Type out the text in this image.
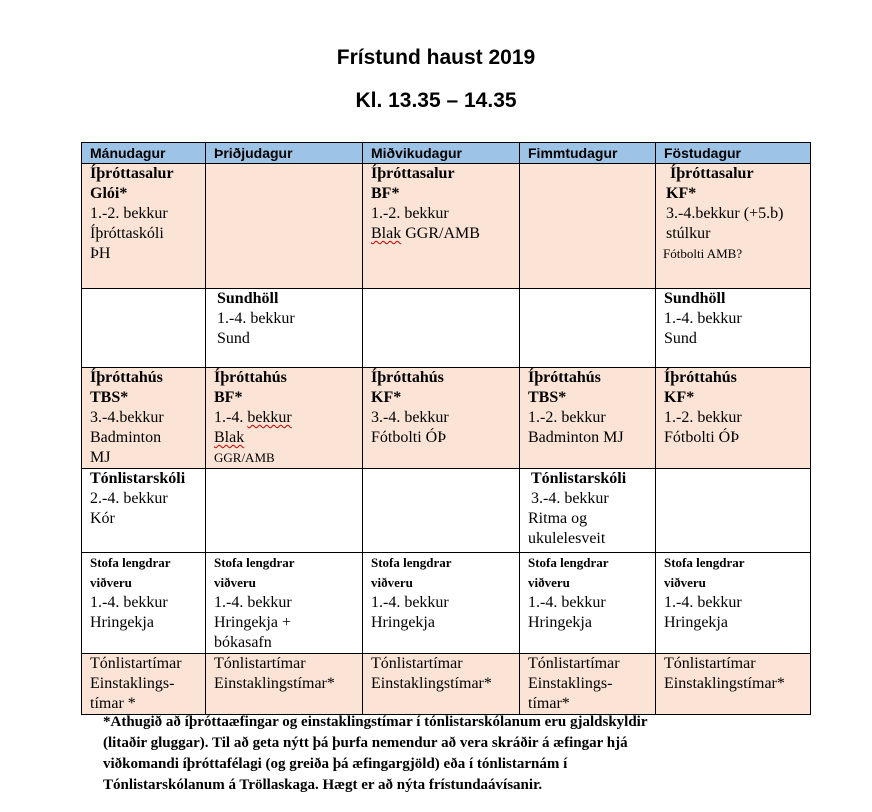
Frístund haust 2019
Kl. 13.35 – 14.35
Mánudagur	Þriðjudagur	Miðvikudagur	Fimmtudagur	Föstudagur

Íþróttasalur
Glói*
1.-2. bekkur
Íþróttaskóli
ÞH		Íþróttasalur
BF*
1.-2. bekkur
Blak GGR/AMB		Íþróttasalur
KF*
3.-4.bekkur (+5.b)
stúlkur
Fótbolti AMB?

	Sundhöll
1.-4. bekkur
Sund			Sundhöll
1.-4. bekkur
Sund

Íþróttahús
TBS*
3.-4.bekkur
Badminton
MJ	Íþróttahús
BF*
1.-4. bekkur
Blak
GGR/AMB	Íþróttahús
KF*
3.-4. bekkur
Fótbolti ÓÞ	Íþróttahús
TBS*
1.-2. bekkur
Badminton MJ	Íþróttahús
KF*
1.-2. bekkur
Fótbolti ÓÞ

Tónlistarskóli
2.-4. bekkur
Kór			Tónlistarskóli
3.-4. bekkur
Ritma og
ukulelesveit	

Stofa lengdrar
viðveru
1.-4. bekkur
Hringekja	Stofa lengdrar
viðveru
1.-4. bekkur
Hringekja +
bókasafn	Stofa lengdrar
viðveru
1.-4. bekkur
Hringekja	Stofa lengdrar
viðveru
1.-4. bekkur
Hringekja	Stofa lengdrar
viðveru
1.-4. bekkur
Hringekja

Tónlistartímar
Einstaklings-
tímar *	Tónlistartímar
Einstaklingstímar*	Tónlistartímar
Einstaklingstímar*	Tónlistartímar
Einstaklings-
tímar*	Tónlistartímar
Einstaklingstímar*
*Athugið að íþróttaæfingar og einstaklingstímar í tónlistarskólanum eru gjaldskyldir
(litaðir gluggar). Til að geta nýtt þá þurfa nemendur að vera skráðir á æfingar hjá
viðkomandi íþróttafélagi (og greiða þá æfingargjöld) eða í tónlistarnám í
Tónlistarskólanum á Tröllaskaga. Hægt er að nýta frístundaávísanir.
